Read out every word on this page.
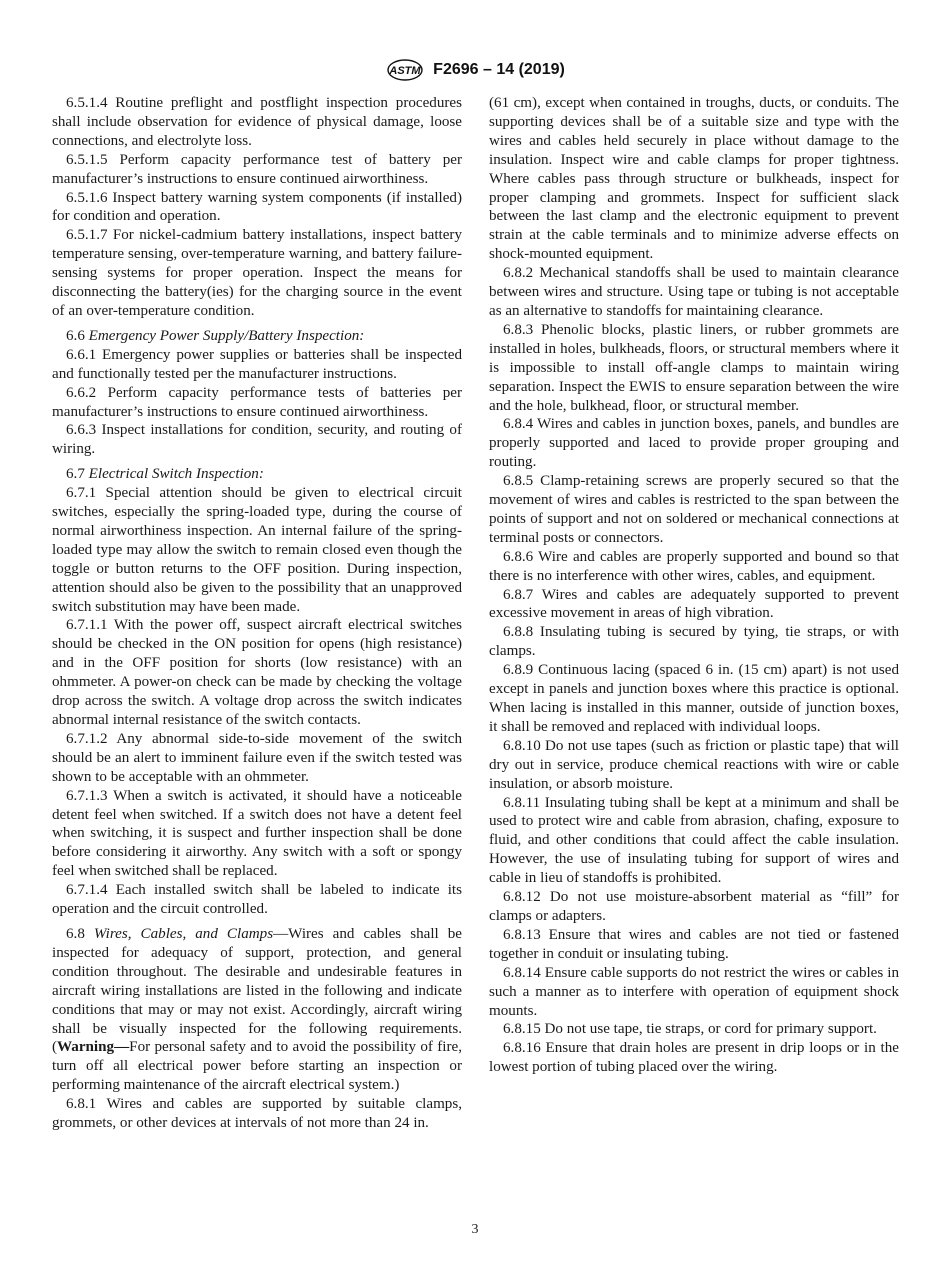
ASTM F2696 – 14 (2019)

6.5.1.4 Routine preflight and postflight inspection procedures shall include observation for evidence of physical damage, loose connections, and electrolyte loss.

6.5.1.5 Perform capacity performance test of battery per manufacturer’s instructions to ensure continued airworthiness.

6.5.1.6 Inspect battery warning system components (if installed) for condition and operation.

6.5.1.7 For nickel-cadmium battery installations, inspect battery temperature sensing, over-temperature warning, and battery failure-sensing systems for proper operation. Inspect the means for disconnecting the battery(ies) for the charging source in the event of an over-temperature condition.

6.6 Emergency Power Supply/Battery Inspection:

6.6.1 Emergency power supplies or batteries shall be inspected and functionally tested per the manufacturer instructions.

6.6.2 Perform capacity performance tests of batteries per manufacturer’s instructions to ensure continued airworthiness.

6.6.3 Inspect installations for condition, security, and routing of wiring.

6.7 Electrical Switch Inspection:

6.7.1 Special attention should be given to electrical circuit switches, especially the spring-loaded type, during the course of normal airworthiness inspection. An internal failure of the spring-loaded type may allow the switch to remain closed even though the toggle or button returns to the OFF position. During inspection, attention should also be given to the possibility that an unapproved switch substitution may have been made.

6.7.1.1 With the power off, suspect aircraft electrical switches should be checked in the ON position for opens (high resistance) and in the OFF position for shorts (low resistance) with an ohmmeter. A power-on check can be made by checking the voltage drop across the switch. A voltage drop across the switch indicates abnormal internal resistance of the switch contacts.

6.7.1.2 Any abnormal side-to-side movement of the switch should be an alert to imminent failure even if the switch tested was shown to be acceptable with an ohmmeter.

6.7.1.3 When a switch is activated, it should have a noticeable detent feel when switched. If a switch does not have a detent feel when switching, it is suspect and further inspection shall be done before considering it airworthy. Any switch with a soft or spongy feel when switched shall be replaced.

6.7.1.4 Each installed switch shall be labeled to indicate its operation and the circuit controlled.

6.8 Wires, Cables, and Clamps—Wires and cables shall be inspected for adequacy of support, protection, and general condition throughout. The desirable and undesirable features in aircraft wiring installations are listed in the following and indicate conditions that may or may not exist. Accordingly, aircraft wiring shall be visually inspected for the following requirements. (Warning—For personal safety and to avoid the possibility of fire, turn off all electrical power before starting an inspection or performing maintenance of the aircraft electrical system.)

6.8.1 Wires and cables are supported by suitable clamps, grommets, or other devices at intervals of not more than 24 in.

(61 cm), except when contained in troughs, ducts, or conduits. The supporting devices shall be of a suitable size and type with the wires and cables held securely in place without damage to the insulation. Inspect wire and cable clamps for proper tightness. Where cables pass through structure or bulkheads, inspect for proper clamping and grommets. Inspect for sufficient slack between the last clamp and the electronic equipment to prevent strain at the cable terminals and to minimize adverse effects on shock-mounted equipment.

6.8.2 Mechanical standoffs shall be used to maintain clearance between wires and structure. Using tape or tubing is not acceptable as an alternative to standoffs for maintaining clearance.

6.8.3 Phenolic blocks, plastic liners, or rubber grommets are installed in holes, bulkheads, floors, or structural members where it is impossible to install off-angle clamps to maintain wiring separation. Inspect the EWIS to ensure separation between the wire and the hole, bulkhead, floor, or structural member.

6.8.4 Wires and cables in junction boxes, panels, and bundles are properly supported and laced to provide proper grouping and routing.

6.8.5 Clamp-retaining screws are properly secured so that the movement of wires and cables is restricted to the span between the points of support and not on soldered or mechanical connections at terminal posts or connectors.

6.8.6 Wire and cables are properly supported and bound so that there is no interference with other wires, cables, and equipment.

6.8.7 Wires and cables are adequately supported to prevent excessive movement in areas of high vibration.

6.8.8 Insulating tubing is secured by tying, tie straps, or with clamps.

6.8.9 Continuous lacing (spaced 6 in. (15 cm) apart) is not used except in panels and junction boxes where this practice is optional. When lacing is installed in this manner, outside of junction boxes, it shall be removed and replaced with individual loops.

6.8.10 Do not use tapes (such as friction or plastic tape) that will dry out in service, produce chemical reactions with wire or cable insulation, or absorb moisture.

6.8.11 Insulating tubing shall be kept at a minimum and shall be used to protect wire and cable from abrasion, chafing, exposure to fluid, and other conditions that could affect the cable insulation. However, the use of insulating tubing for support of wires and cable in lieu of standoffs is prohibited.

6.8.12 Do not use moisture-absorbent material as “fill” for clamps or adapters.

6.8.13 Ensure that wires and cables are not tied or fastened together in conduit or insulating tubing.

6.8.14 Ensure cable supports do not restrict the wires or cables in such a manner as to interfere with operation of equipment shock mounts.

6.8.15 Do not use tape, tie straps, or cord for primary support.

6.8.16 Ensure that drain holes are present in drip loops or in the lowest portion of tubing placed over the wiring.

3
